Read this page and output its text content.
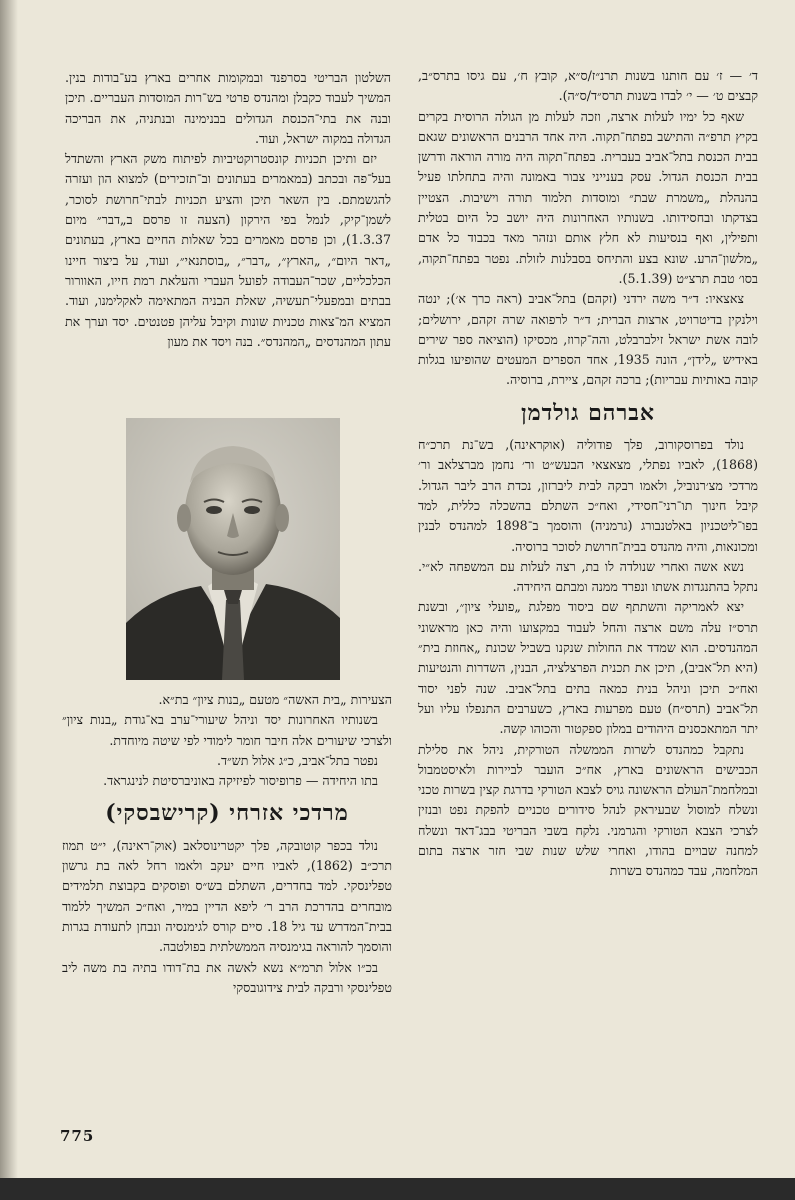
ד׳ — ז׳ עם חותנו בשנות תרנ״ז/ס״א, קובץ ח׳, עם גיסו בתרס״ב, קבצים ט׳ — י׳ לבדו בשנות תרס״ד/ס״ה).

שאף כל ימיו לעלות ארצה, וזכה לעלות מן הגולה הרוסית בקרים בקיץ תרפ״ה והתישב בפתח־תקוה. היה אחד הרבנים הראשונים שגאם בבית הכנסת בתל־אביב בעברית. בפתח־תקוה היה מורה הוראה ודרשן בבית הכנסת הגדול. עסק בענייני צבור באמונה והיה בתחלתו פעיל בהנהלת „משמרת שבת״ ומוסדות תלמוד תורה וישיבות. הצטיין בצדקתו ובחסידותו. בשנותיו האחרונות היה יושב כל היום בטלית ותפילין, ואף בנסיעות לא חלץ אותם ונזהר מאד בכבוד כל אדם „מלשון־הרע. שונא בצע והתיחס בסבלנות לזולת. נפטר בפתח־תקוה, בסו׳ טבת תרצ״ט (5.1.39).

צאצאיו: ד״ר משה ירדני (זקהם) בתל־אביב (ראה כרך א׳); ינטה וילנקין בדיטרויט, ארצות הברית; ד״ר לרפואה שרה זקהם, ירושלים; לובה אשת ישראל זילברבלט, והה־קרוז, מכסיקו (הוציאה ספר שירים באידיש „לידן״, הונה 1935, אחד הספרים המעטים שהופיעו בגלות קובה באותיות עבריות); ברכה זקהם, ציירת, ברוסיה.

אברהם גולדמן

נולד בפרוסקורוב, פלך פודוליה (אוקראינה), בש־נת תרכ״ח (1868), לאביו נפתלי, מצאצאי הבעש״ט ור׳ נחמן מברצלאב ור׳ מרדכי מצ׳רנוביל, ולאמו רבקה לבית ליברזון, נכדת הרב ליבר הגדול. קיבל חינוך תו־רני־חסידי, ואח״כ השתלם בהשכלה כללית, למד בפו־ליטכניון באלטנבורג (גרמניה) והוסמך ב־1898 למהנדס לבנין ומכונאות, והיה מהנדס בבית־חרושת לסוכר ברוסיה.

נשא אשה ואחרי שנולדה לו בת, רצה לעלות עם המשפחה לא״י. נתקל בהתנגדות אשתו ונפרד ממנה ומבתם היחידה.

יצא לאמריקה והשתתף שם ביסוד מפלגת „פועלי ציון״, ובשנת תרס״ז עלה משם ארצה והחל לעבוד במקצועו והיה כאן מראשוני המהנדסים. הוא שמדד את החולות שנקנו בשביל שכונת „אחוזת בית״ (היא תל־אביב), תיכן את תכנית הפרצלציה, הבנין, השדרות והנטיעות ואח״כ תיכן וניהל בנית כמאה בתים בתל־אביב. שנה לפני יסוד תל־אביב (תרס״ח) טעם מפרעות בארץ, כשערבים התנפלו עליו ועל יתר המתאכסנים היהודים במלון ספקטור והכוהו קשה.

נתקבל כמהנדס לשרות הממשלה הטורקית, ניהל את סלילת הכבישים הראשונים בארץ, אח״כ הועבר לביירות ולאיסטמבול ובמלחמת־העולם הראשונה גויס לצבא הטורקי בדרגת קצין בשרות טכני ונשלח למוסול שבעיראק לנהל סידורים טכניים להפקת נפט ובנזין לצרכי הצבא הטורקי והגרמני. נלקח בשבי הבריטי בבג־דאד ונשלח למחנה שבויים בהודו, ואחרי שלש שנות שבי חזר ארצה בתום המלחמה, עבד כמהנדס בשרות

השלטון הבריטי בסרפנד ובמקומות אחרים בארץ בע־בודות בנין. המשיך לעבוד כקבלן ומהנדס פרטי בש־רות המוסדות העבריים. תיכן ובנה את בתי־הכנסת הגדולים בבנימינה ובנתניה, את הבריכה הגדולה במקוה ישראל, ועוד.

יזם ותיכן תכניות קונסטרוקטיביות לפיתוח משק הארץ והשתדל בעל־פה ובכתב (במאמרים בעתונים וב־תזכירים) למצוא הון ועזרה להגשמתם. בין השאר תיכן והציע תכניות לבתי־חרושת לסוכר, לשמן־קיק, לנמל בפי הירקון (הצעה זו פרסם ב„דבר״ מיום 1.3.37), וכן פרסם מאמרים בכל שאלות החיים בארץ, בעתונים „דאר היום״, „הארץ״, „דבר״, „בוסתנאי״, ועוד, על ביצור חיינו הכלכליים, שכר־העבודה לפועל העברי והעלאת רמת חייו, האוורור בבתים ובמפעלי־תעשיה, שאלת הבניה המתאימה לאקלימנו, ועוד. המציא המ־צאות טכניות שונות וקיבל עליהן פטנטים. יסד וערך את עתון המהנדסים „המהנדס״. בנה ויסד את מעון

הצעירות „בית האשה״ מטעם „בנות ציון״ בת״א.

בשנותיו האחרונות יסד וניהל שיעורי־ערב בא־גודת „בנות ציון״ ולצרכי שיעורים אלה חיבר חומר לימודי לפי שיטה מיוחדת.

נפטר בתל־אביב, כ״ג אלול תש״ד.

בתו היחידה — פרופיסור לפיזיקה באוניברסיטת לנינגראד.

מרדכי אזרחי (קרישבסקי)

נולד בכפר קוטובקה, פלך יקטרינוסלאב (אוק־ראינה), י״ט תמוז תרכ״ב (1862), לאביו חיים יעקב ולאמו רחל לאה בת גרשון טפלינסקי. למד בחדרים, השתלם בש״ס ופוסקים בקבוצת תלמידים מובחרים בהדרכת הרב ר׳ ליפא הדיין במיר, ואח״כ המשיך ללמוד בבית־המדרש עד גיל 18. סיים קורס לגימנסיה ונבחן לתעודת בגרות והוסמך להוראה בגימנסיה הממשלתית בפולטבה.

בכ״ו אלול תרמ״א נשא לאשה את בת־דודו בתיה בת משה ליב טפלינסקי ורבקה לבית צידוגובסקי

775
